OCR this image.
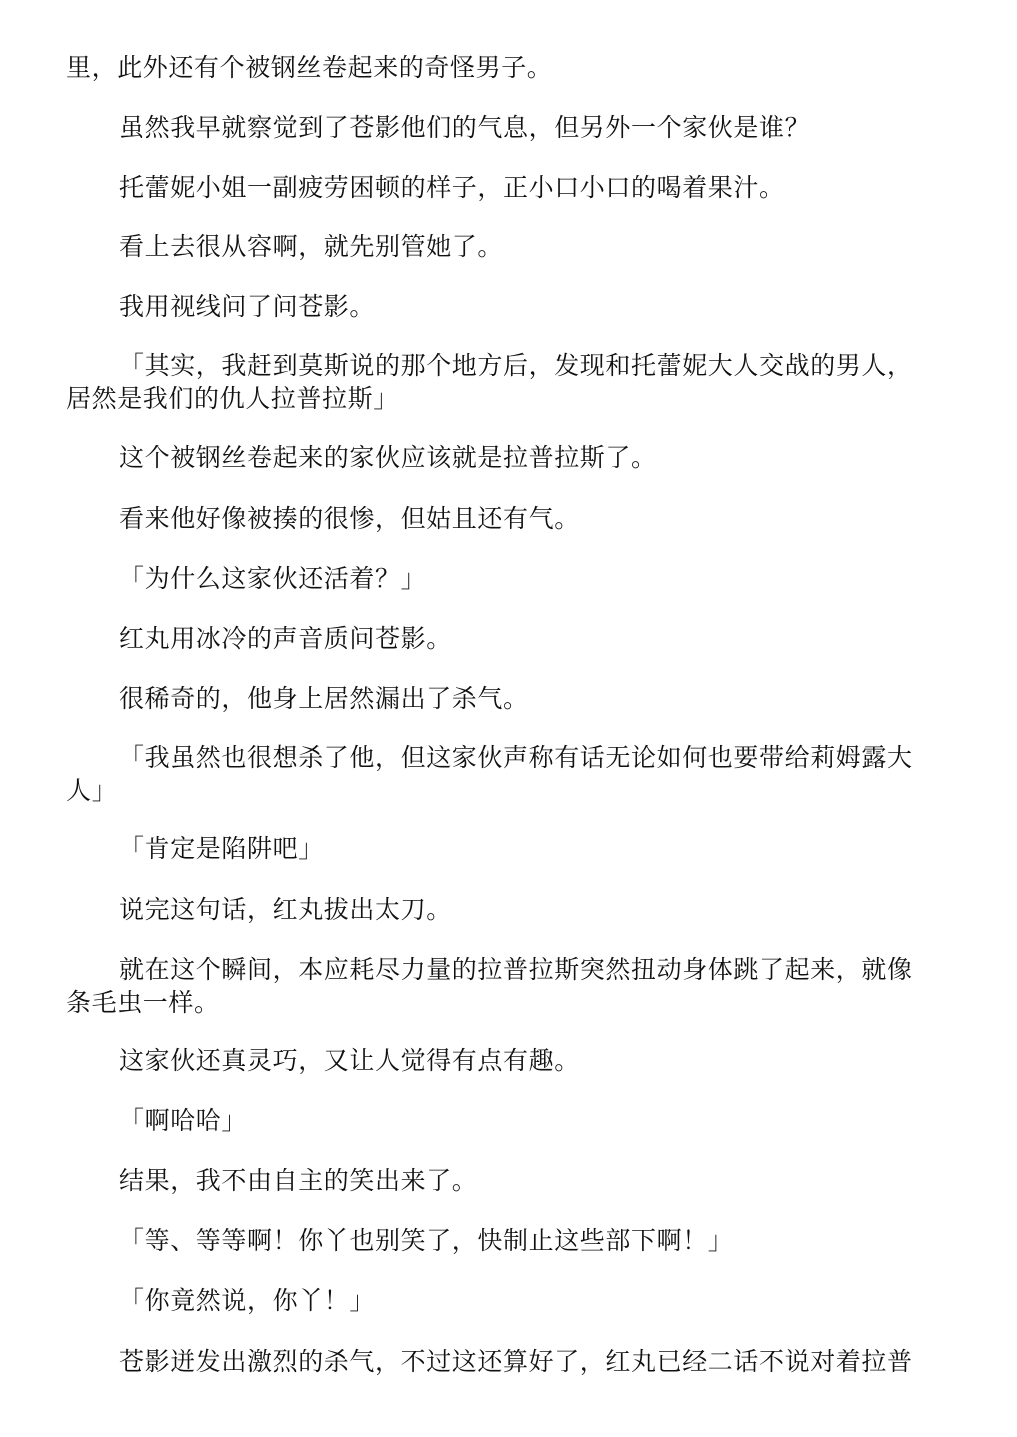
里，此外还有个被钢丝卷起来的奇怪男子。

虽然我早就察觉到了苍影他们的气息，但另外一个家伙是谁？

托蕾妮小姐一副疲劳困顿的样子，正小口小口的喝着果汁。

看上去很从容啊，就先别管她了。

我用视线问了问苍影。

「其实，我赶到莫斯说的那个地方后，发现和托蕾妮大人交战的男人，
居然是我们的仇人拉普拉斯」

这个被钢丝卷起来的家伙应该就是拉普拉斯了。

看来他好像被揍的很惨，但姑且还有气。

「为什么这家伙还活着？」

红丸用冰冷的声音质问苍影。

很稀奇的，他身上居然漏出了杀气。

「我虽然也很想杀了他，但这家伙声称有话无论如何也要带给莉姆露大
人」

「肯定是陷阱吧」

说完这句话，红丸拔出太刀。

就在这个瞬间，本应耗尽力量的拉普拉斯突然扭动身体跳了起来，就像
条毛虫一样。

这家伙还真灵巧，又让人觉得有点有趣。

「啊哈哈」

结果，我不由自主的笑出来了。

「等、等等啊！你丫也别笑了，快制止这些部下啊！」

「你竟然说，你丫！」

苍影迸发出激烈的杀气，不过这还算好了，红丸已经二话不说对着拉普
